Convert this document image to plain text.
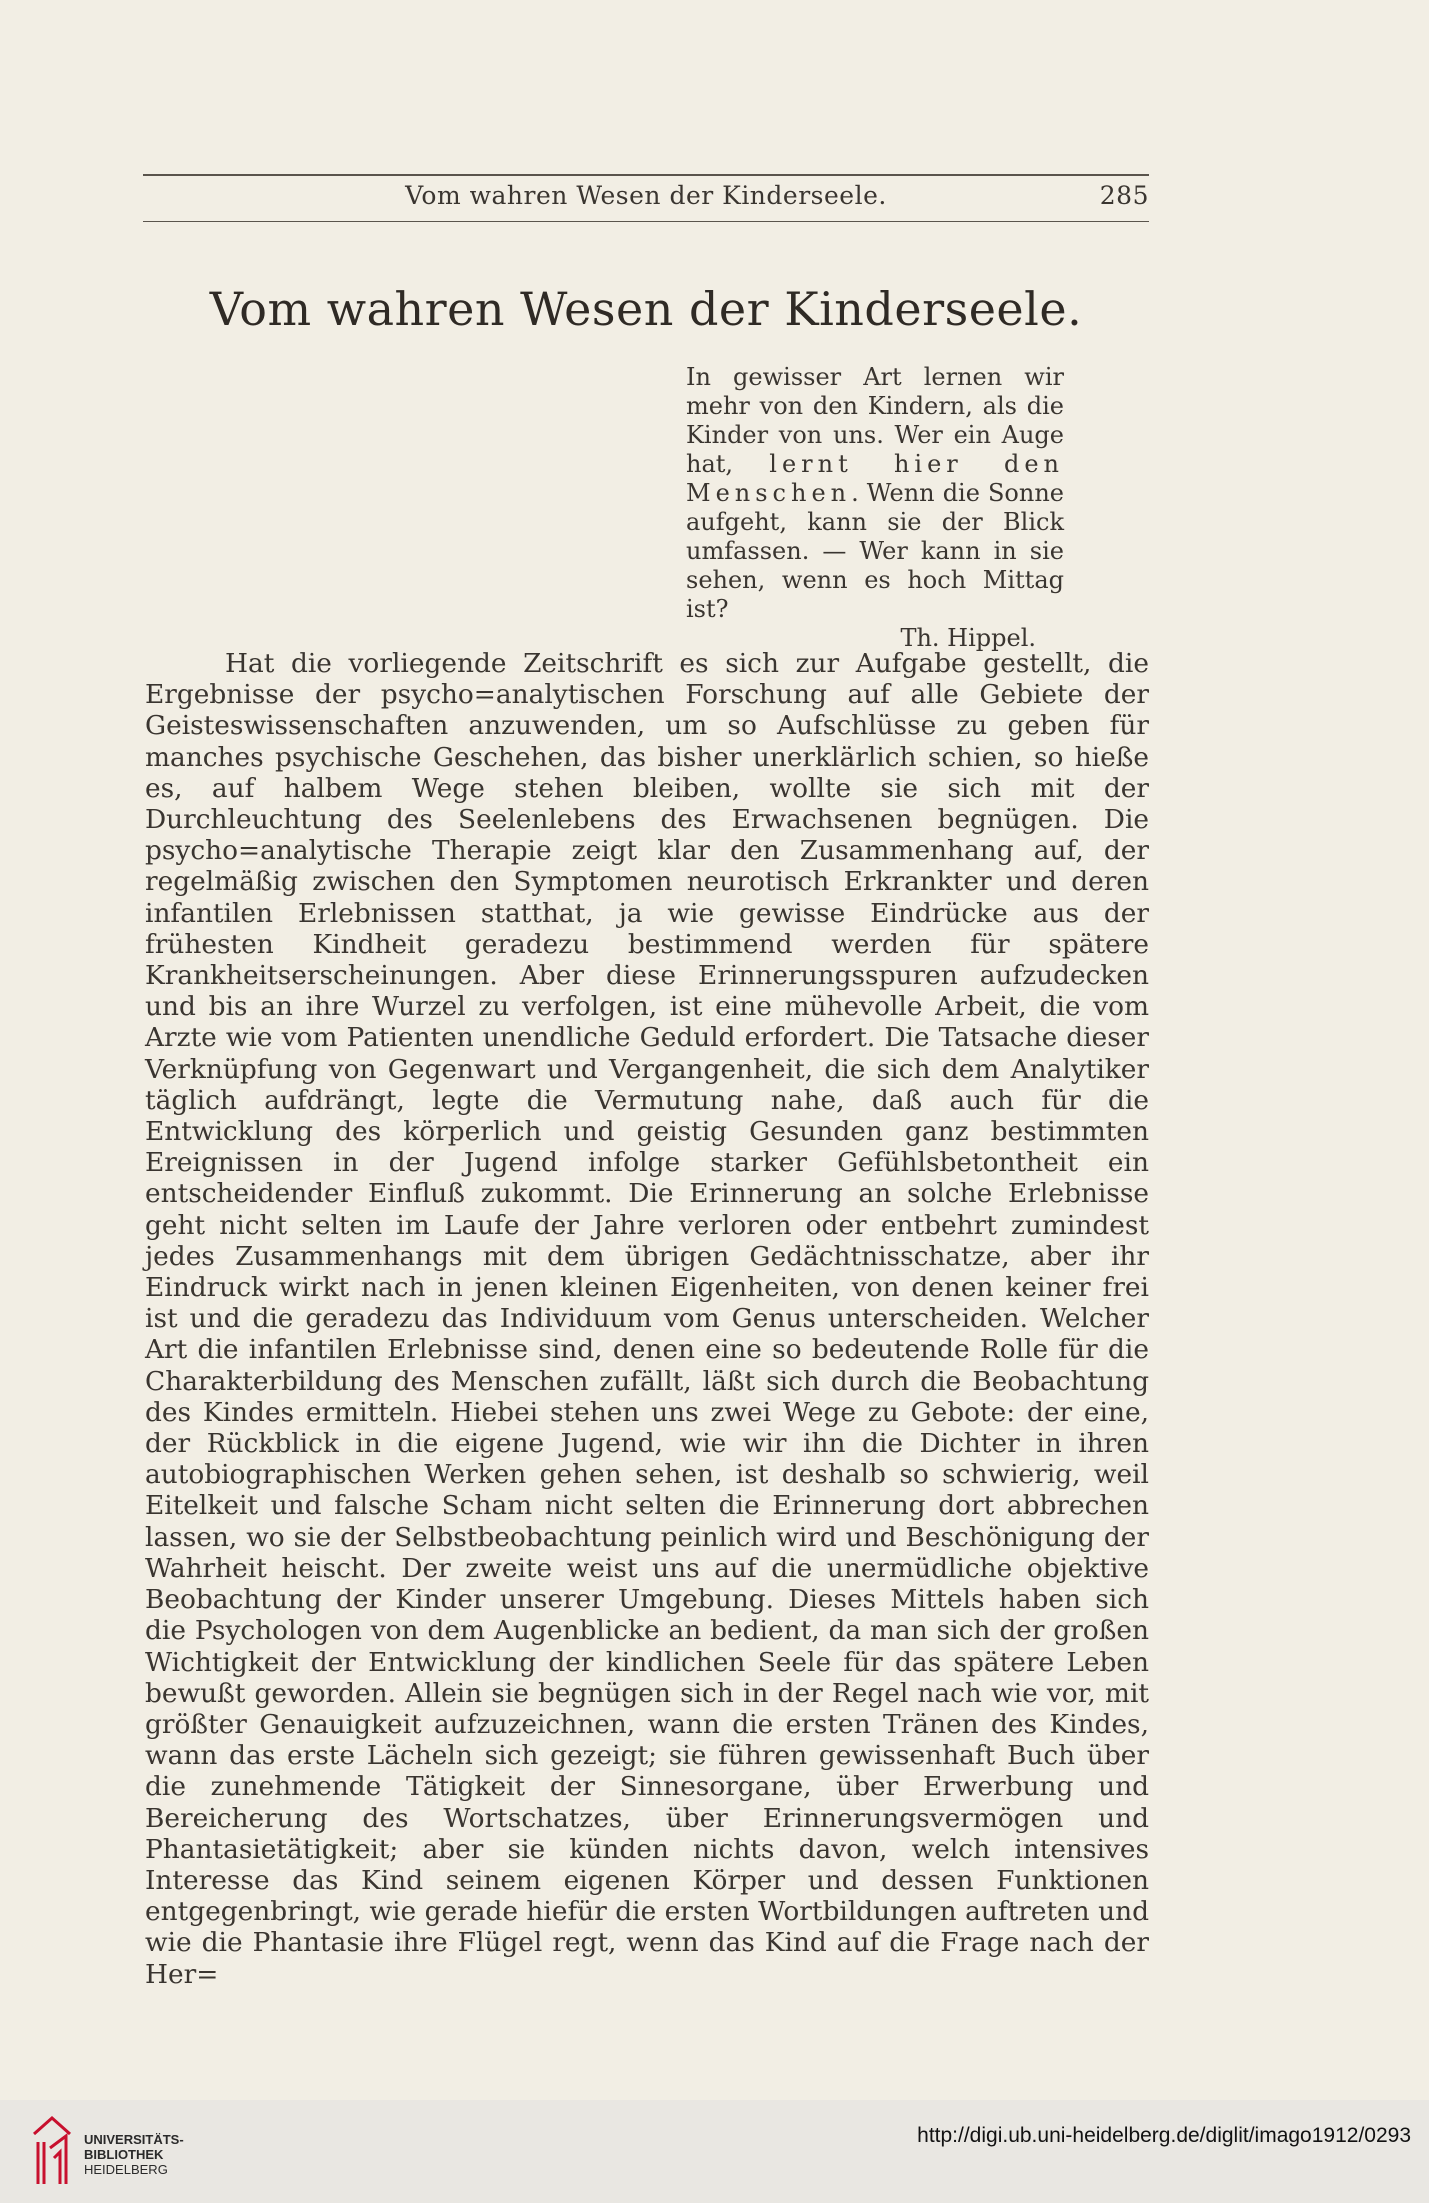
Vom wahren Wesen der Kinderseele.	285
Vom wahren Wesen der Kinderseele.

In gewisser Art lernen wir mehr von den Kindern, als die Kinder von uns. Wer ein Auge hat, lernt hier den Menschen. Wenn die Sonne aufgeht, kann sie der Blick umfassen. — Wer kann in sie sehen, wenn es hoch Mittag ist?

Th. Hippel.

Hat die vorliegende Zeitschrift es sich zur Aufgabe gestellt, die Ergebnisse der psycho=analytischen Forschung auf alle Gebiete der Geisteswissenschaften anzuwenden, um so Aufschlüsse zu geben für manches psychische Geschehen, das bisher unerklärlich schien, so hieße es, auf halbem Wege stehen bleiben, wollte sie sich mit der Durchleuchtung des Seelenlebens des Erwachsenen begnügen. Die psycho=analytische Therapie zeigt klar den Zusammenhang auf, der regelmäßig zwischen den Symptomen neurotisch Erkrankter und deren infantilen Erlebnissen statthat, ja wie gewisse Eindrücke aus der frühesten Kindheit geradezu bestimmend werden für spätere Krankheitserscheinungen. Aber diese Erinnerungsspuren aufzudecken und bis an ihre Wurzel zu verfolgen, ist eine mühevolle Arbeit, die vom Arzte wie vom Patienten unendliche Geduld erfordert. Die Tatsache dieser Verknüpfung von Gegenwart und Vergangenheit, die sich dem Analytiker täglich aufdrängt, legte die Vermutung nahe, daß auch für die Entwicklung des körperlich und geistig Gesunden ganz bestimmten Ereignissen in der Jugend infolge starker Gefühlsbetontheit ein entscheidender Einfluß zukommt. Die Erinnerung an solche Erlebnisse geht nicht selten im Laufe der Jahre verloren oder entbehrt zumindest jedes Zusammenhangs mit dem übrigen Gedächtnisschatze, aber ihr Eindruck wirkt nach in jenen kleinen Eigenheiten, von denen keiner frei ist und die geradezu das Individuum vom Genus unterscheiden. Welcher Art die infantilen Erlebnisse sind, denen eine so bedeutende Rolle für die Charakterbildung des Menschen zufällt, läßt sich durch die Beobachtung des Kindes ermitteln. Hiebei stehen uns zwei Wege zu Gebote: der eine, der Rückblick in die eigene Jugend, wie wir ihn die Dichter in ihren autobiographischen Werken gehen sehen, ist deshalb so schwierig, weil Eitelkeit und falsche Scham nicht selten die Erinnerung dort abbrechen lassen, wo sie der Selbstbeobachtung peinlich wird und Beschönigung der Wahrheit heischt. Der zweite weist uns auf die unermüdliche objektive Beobachtung der Kinder unserer Umgebung. Dieses Mittels haben sich die Psychologen von dem Augenblicke an bedient, da man sich der großen Wichtigkeit der Entwicklung der kindlichen Seele für das spätere Leben bewußt geworden. Allein sie begnügen sich in der Regel nach wie vor, mit größter Genauigkeit aufzuzeichnen, wann die ersten Tränen des Kindes, wann das erste Lächeln sich gezeigt; sie führen gewissenhaft Buch über die zunehmende Tätigkeit der Sinnesorgane, über Erwerbung und Bereicherung des Wortschatzes, über Erinnerungsvermögen und Phantasietätigkeit; aber sie künden nichts davon, welch intensives Interesse das Kind seinem eigenen Körper und dessen Funktionen entgegenbringt, wie gerade hiefür die ersten Wortbildungen auftreten und wie die Phantasie ihre Flügel regt, wenn das Kind auf die Frage nach der Her=

UNIVERSITÄTS-
BIBLIOTHEK
HEIDELBERG
http://digi.ub.uni-heidelberg.de/diglit/imago1912/0293
